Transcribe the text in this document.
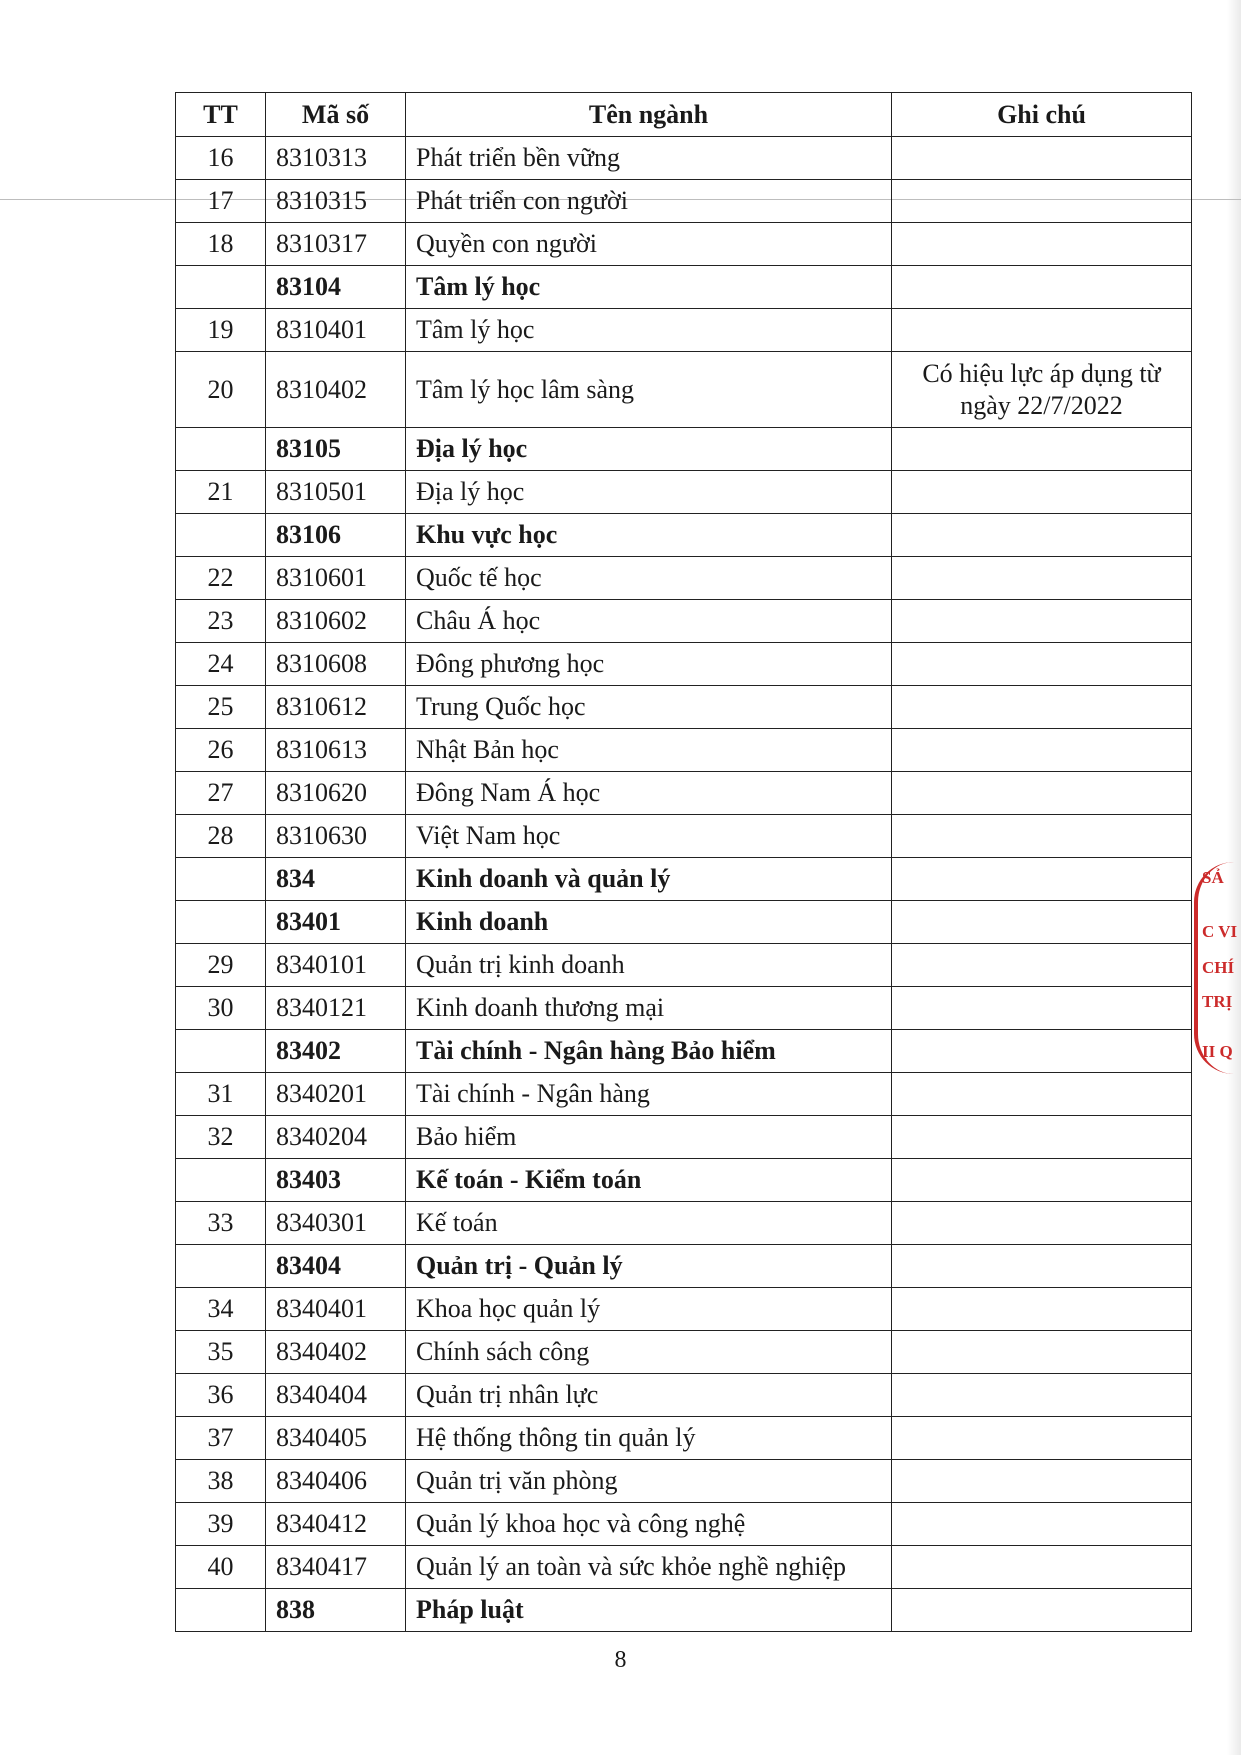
TT	Mã số	Tên ngành	Ghi chú
16	8310313	Phát triển bền vững	
17	8310315	Phát triển con người	
18	8310317	Quyền con người	
	83104	Tâm lý học	
19	8310401	Tâm lý học	
20	8310402	Tâm lý học lâm sàng	Có hiệu lực áp dụng từ ngày 22/7/2022
	83105	Địa lý học	
21	8310501	Địa lý học	
	83106	Khu vực học	
22	8310601	Quốc tế học	
23	8310602	Châu Á học	
24	8310608	Đông phương học	
25	8310612	Trung Quốc học	
26	8310613	Nhật Bản học	
27	8310620	Đông Nam Á học	
28	8310630	Việt Nam học	
	834	Kinh doanh và quản lý	
	83401	Kinh doanh	
29	8340101	Quản trị kinh doanh	
30	8340121	Kinh doanh thương mại	
	83402	Tài chính - Ngân hàng Bảo hiểm	
31	8340201	Tài chính - Ngân hàng	
32	8340204	Bảo hiểm	
	83403	Kế toán - Kiểm toán	
33	8340301	Kế toán	
	83404	Quản trị - Quản lý	
34	8340401	Khoa học quản lý	
35	8340402	Chính sách công	
36	8340404	Quản trị nhân lực	
37	8340405	Hệ thống thông tin quản lý	
38	8340406	Quản trị văn phòng	
39	8340412	Quản lý khoa học và công nghệ	
40	8340417	Quản lý an toàn và sức khỏe nghề nghiệp	
	838	Pháp luật	
8
SẢ
C VI
CHÍ
TRỊ
ỊI Q
